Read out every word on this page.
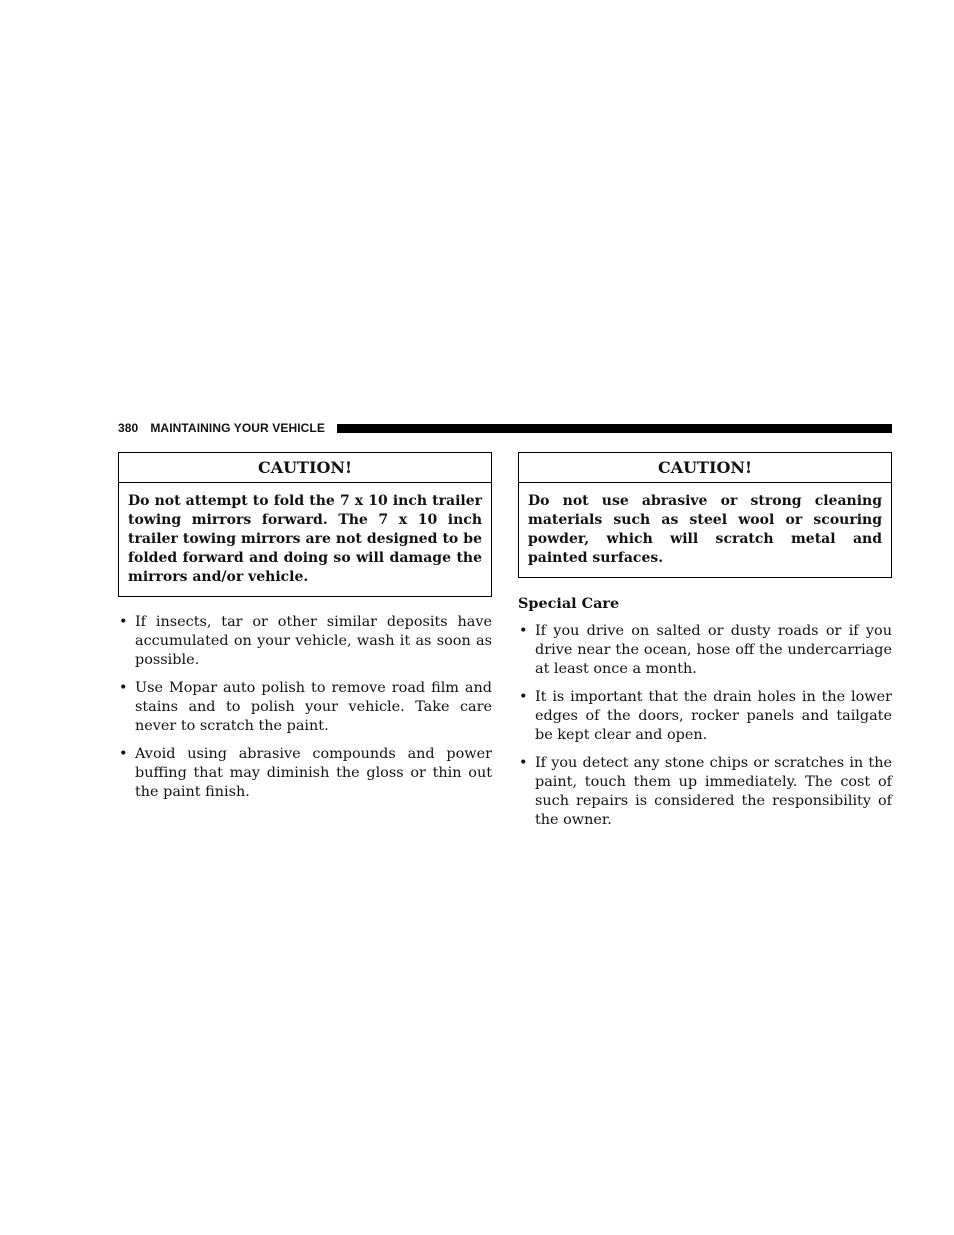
380 MAINTAINING YOUR VEHICLE
CAUTION!
Do not attempt to fold the 7 x 10 inch trailer towing mirrors forward. The 7 x 10 inch trailer towing mirrors are not designed to be folded forward and doing so will damage the mirrors and/or vehicle.
• If insects, tar or other similar deposits have accumulated on your vehicle, wash it as soon as possible.
• Use Mopar auto polish to remove road film and stains and to polish your vehicle. Take care never to scratch the paint.
• Avoid using abrasive compounds and power buffing that may diminish the gloss or thin out the paint finish.
CAUTION!
Do not use abrasive or strong cleaning materials such as steel wool or scouring powder, which will scratch metal and painted surfaces.
Special Care
• If you drive on salted or dusty roads or if you drive near the ocean, hose off the undercarriage at least once a month.
• It is important that the drain holes in the lower edges of the doors, rocker panels and tailgate be kept clear and open.
• If you detect any stone chips or scratches in the paint, touch them up immediately. The cost of such repairs is considered the responsibility of the owner.
